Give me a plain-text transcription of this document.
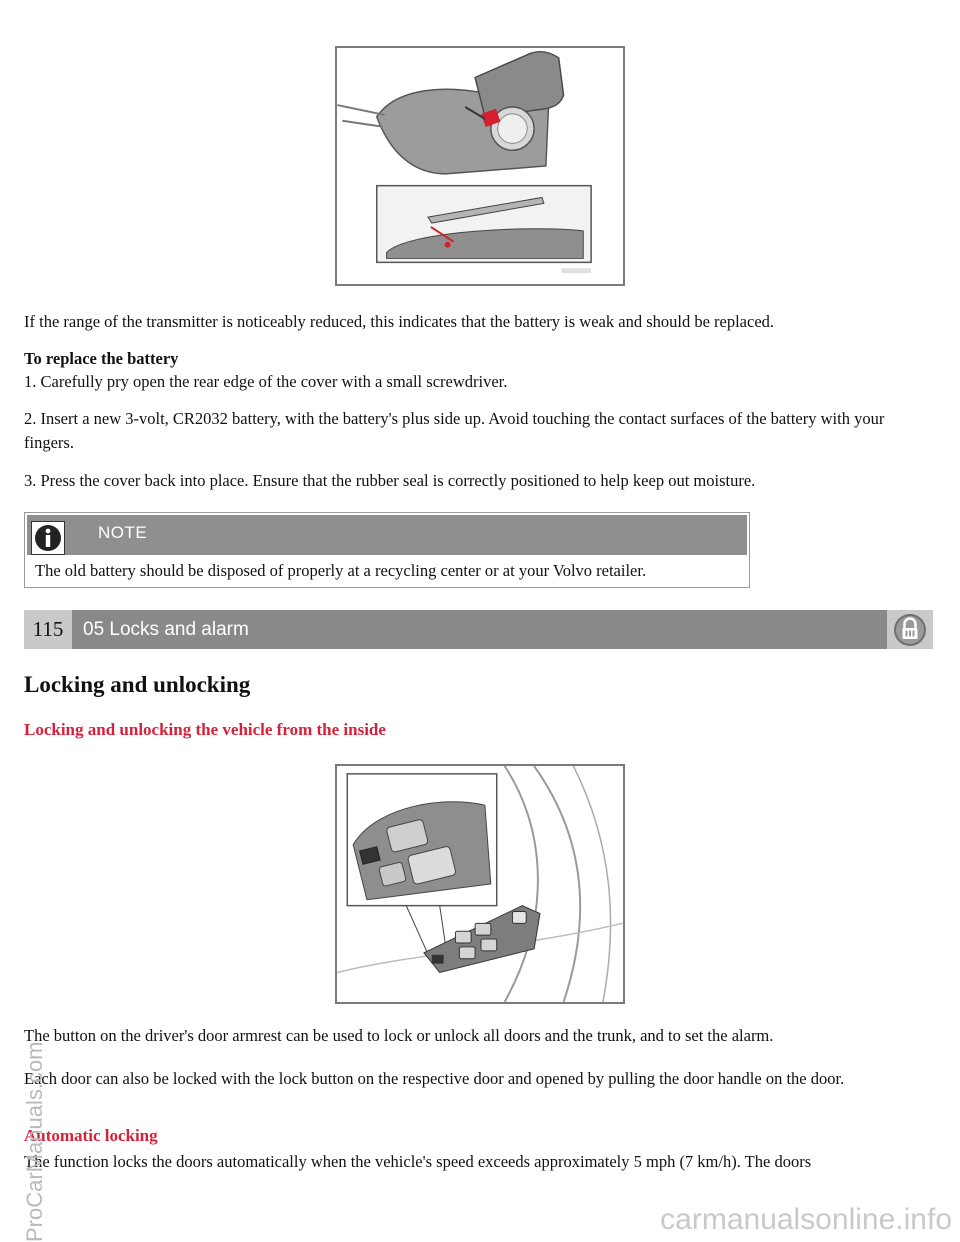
If the range of the transmitter is noticeably reduced, this indicates that the battery is weak and should be replaced.

To replace the battery

1. Carefully pry open the rear edge of the cover with a small screwdriver.

2. Insert a new 3-volt, CR2032 battery, with the battery's plus side up. Avoid touching the contact surfaces of the battery with your fingers.

3. Press the cover back into place. Ensure that the rubber seal is correctly positioned to help keep out moisture.

NOTE
The old battery should be disposed of properly at a recycling center or at your Volvo retailer.
115	05 Locks and alarm
Locking and unlocking
Locking and unlocking the vehicle from the inside

The button on the driver's door armrest can be used to lock or unlock all doors and the trunk, and to set the alarm.

Each door can also be locked with the lock button on the respective door and opened by pulling the door handle on the door.

Automatic locking

The function locks the doors automatically when the vehicle's speed exceeds approximately 5 mph (7 km/h). The doors

ProCarManuals.com	carmanualsonline.info
